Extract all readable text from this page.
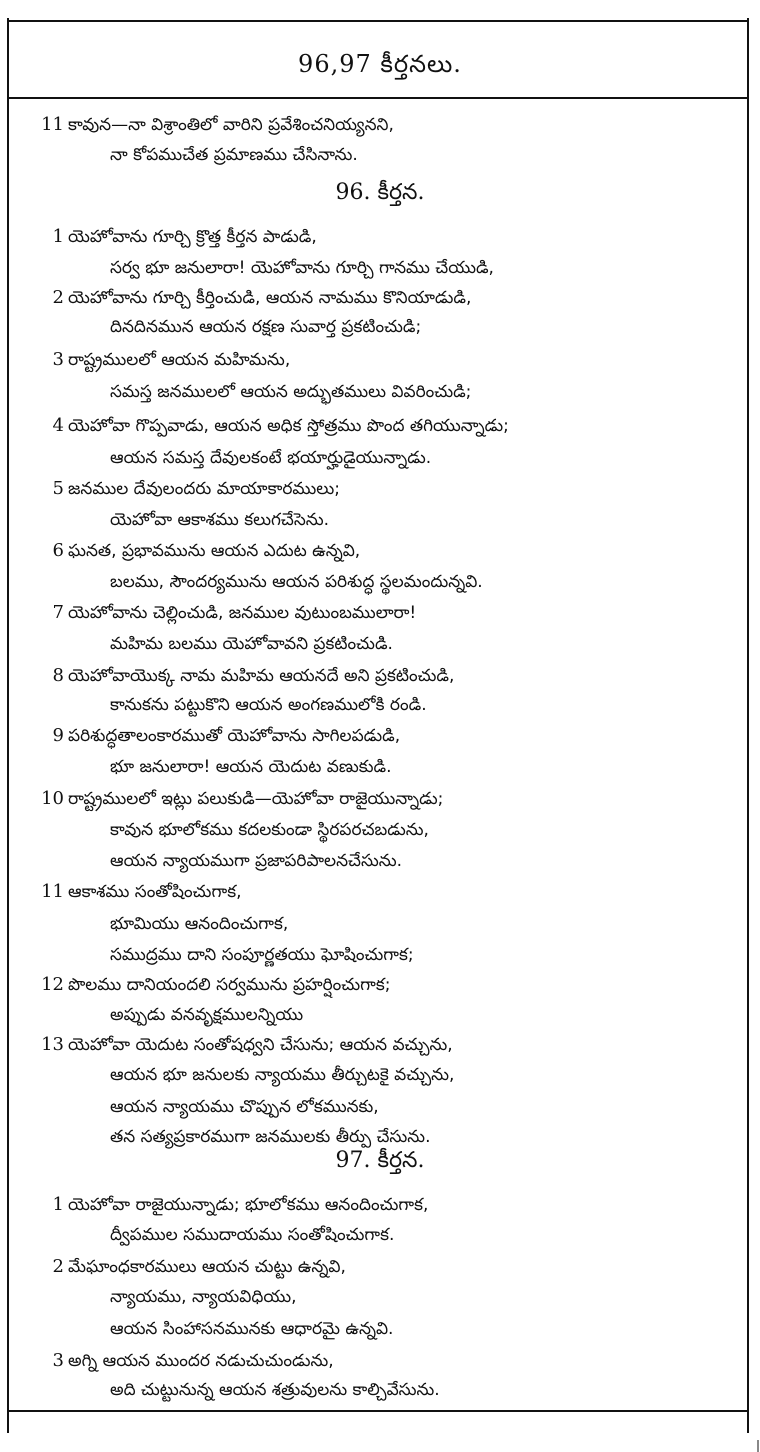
96,97 కీర్తనలు.
96. కీర్తన.
97. కీర్తన.
11 కావున—నా విశ్రాంతిలో వారిని ప్రవేశించనియ్యనని,
నా కోపముచేత ప్రమాణము చేసినాను.
1 యెహోవాను గూర్చి క్రొత్త కీర్తన పాడుడి,
సర్వ భూ జనులారా! యెహోవాను గూర్చి గానము చేయుడి,
2 యెహోవాను గూర్చి కీర్తించుడి, ఆయన నామము కొనియాడుడి,
దినదినమున ఆయన రక్షణ సువార్త ప్రకటించుడి;
3 రాష్ట్రములలో ఆయన మహిమను,
సమస్త జనములలో ఆయన అద్భుతములు వివరించుడి;
4 యెహోవా గొప్పవాడు, ఆయన అధిక స్తోత్రము పొంద తగియున్నాడు;
ఆయన సమస్త దేవులకంటే భయార్హుడైయున్నాడు.
5 జనముల దేవులందరు మాయాకారములు;
యెహోవా ఆకాశము కలుగచేసెను.
6 ఘనత, ప్రభావమును ఆయన ఎదుట ఉన్నవి,
బలము, సౌందర్యమును ఆయన పరిశుద్ధ స్థలమందున్నవి.
7 యెహోవాను చెల్లించుడి, జనముల వుటుంబములారా!
మహిమ బలము యెహోవావని ప్రకటించుడి.
8 యెహోవాయొక్క నామ మహిమ ఆయనదే అని ప్రకటించుడి,
కానుకను పట్టుకొని ఆయన అంగణములోకి రండి.
9 పరిశుద్ధతాలంకారముతో యెహోవాను సాగిలపడుడి,
భూ జనులారా! ఆయన యెదుట వణుకుడి.
10 రాష్ట్రములలో ఇట్లు పలుకుడి—యెహోవా రాజైయున్నాడు;
కావున భూలోకము కదలకుండా స్థిరపరచబడును,
ఆయన న్యాయముగా ప్రజాపరిపాలనచేసును.
11 ఆకాశము సంతోషించుగాక,
భూమియు ఆనందించుగాక,
సముద్రము దాని సంపూర్ణతయు ఘోషించుగాక;
12 పొలము దానియందలి సర్వమును ప్రహర్షించుగాక;
అప్పుడు వనవృక్షములన్నియు
13 యెహోవా యెదుట సంతోషధ్వని చేసును; ఆయన వచ్చును,
ఆయన భూ జనులకు న్యాయము తీర్చుటకై వచ్చును,
ఆయన న్యాయము చొప్పున లోకమునకు,
తన సత్యప్రకారముగా జనములకు తీర్పు చేసును.
1 యెహోవా రాజైయున్నాడు; భూలోకము ఆనందించుగాక,
ద్వీపముల సముదాయము సంతోషించుగాక.
2 మేఘాంధకారములు ఆయన చుట్టు ఉన్నవి,
న్యాయము, న్యాయవిధియు,
ఆయన సింహాసనమునకు ఆధారమై ఉన్నవి.
3 అగ్ని ఆయన ముందర నడుచుచుండును,
అది చుట్టునున్న ఆయన శత్రువులను కాల్చివేసును.
